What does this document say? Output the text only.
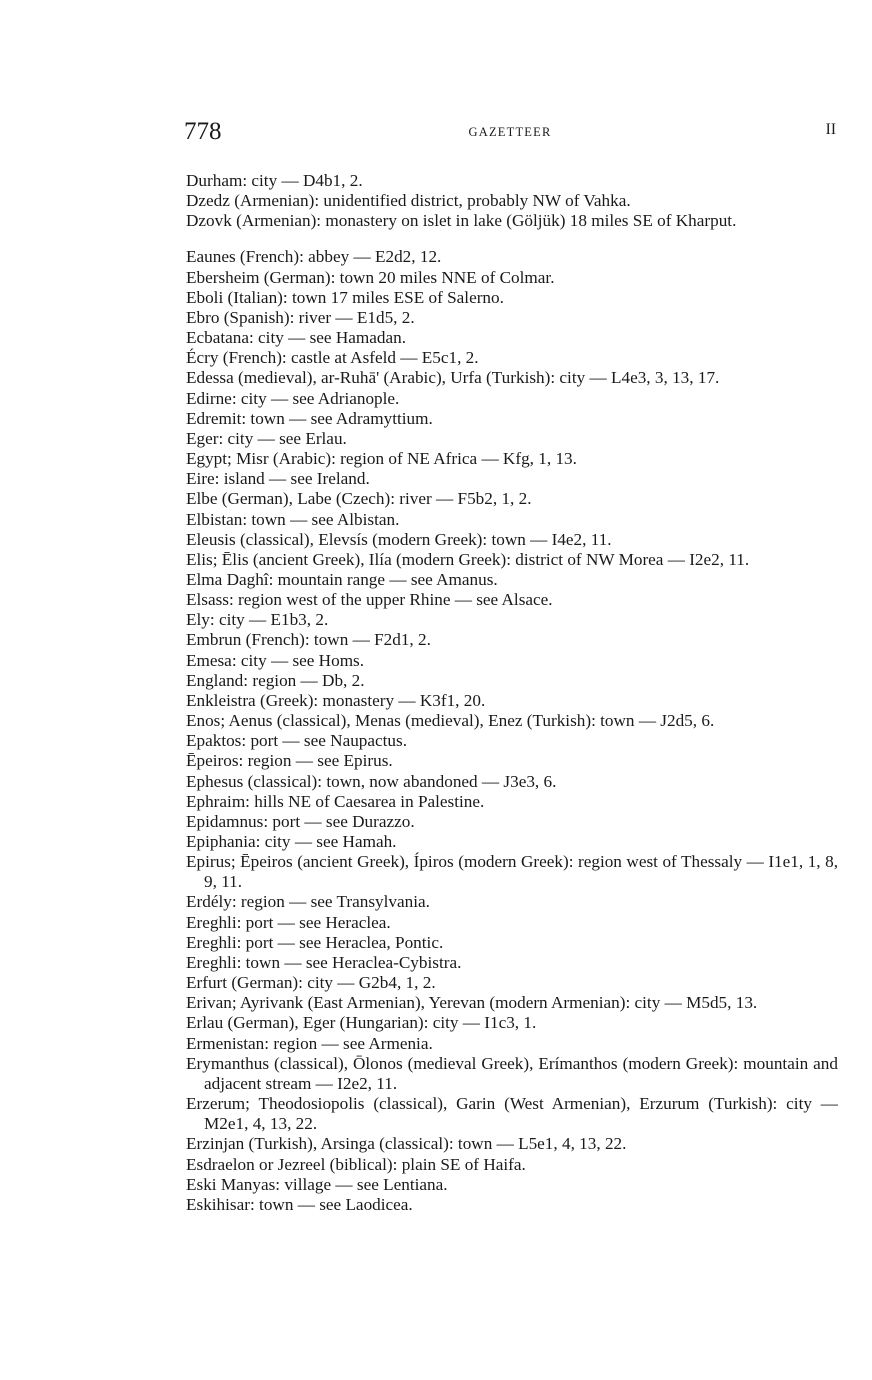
778	GAZETTEER	II
Durham: city — D4b1, 2.
Dzedz (Armenian): unidentified district, probably NW of Vahka.
Dzovk (Armenian): monastery on islet in lake (Göljük) 18 miles SE of Kharput.
Eaunes (French): abbey — E2d2, 12.
Ebersheim (German): town 20 miles NNE of Colmar.
Eboli (Italian): town 17 miles ESE of Salerno.
Ebro (Spanish): river — E1d5, 2.
Ecbatana: city — see Hamadan.
Écry (French): castle at Asfeld — E5c1, 2.
Edessa (medieval), ar-Ruhā' (Arabic), Urfa (Turkish): city — L4e3, 3, 13, 17.
Edirne: city — see Adrianople.
Edremit: town — see Adramyttium.
Eger: city — see Erlau.
Egypt; Misr (Arabic): region of NE Africa — Kfg, 1, 13.
Eire: island — see Ireland.
Elbe (German), Labe (Czech): river — F5b2, 1, 2.
Elbistan: town — see Albistan.
Eleusis (classical), Elevsís (modern Greek): town — I4e2, 11.
Elis; Ēlis (ancient Greek), Ilía (modern Greek): district of NW Morea — I2e2, 11.
Elma Daghî: mountain range — see Amanus.
Elsass: region west of the upper Rhine — see Alsace.
Ely: city — E1b3, 2.
Embrun (French): town — F2d1, 2.
Emesa: city — see Homs.
England: region — Db, 2.
Enkleistra (Greek): monastery — K3f1, 20.
Enos; Aenus (classical), Menas (medieval), Enez (Turkish): town — J2d5, 6.
Epaktos: port — see Naupactus.
Ēpeiros: region — see Epirus.
Ephesus (classical): town, now abandoned — J3e3, 6.
Ephraim: hills NE of Caesarea in Palestine.
Epidamnus: port — see Durazzo.
Epiphania: city — see Hamah.
Epirus; Ēpeiros (ancient Greek), Ípiros (modern Greek): region west of Thessaly — I1e1, 1, 8, 9, 11.
Erdély: region — see Transylvania.
Ereghli: port — see Heraclea.
Ereghli: port — see Heraclea, Pontic.
Ereghli: town — see Heraclea-Cybistra.
Erfurt (German): city — G2b4, 1, 2.
Erivan; Ayrivank (East Armenian), Yerevan (modern Armenian): city — M5d5, 13.
Erlau (German), Eger (Hungarian): city — I1c3, 1.
Ermenistan: region — see Armenia.
Erymanthus (classical), Ōlonos (medieval Greek), Erímanthos (modern Greek): mountain and adjacent stream — I2e2, 11.
Erzerum; Theodosiopolis (classical), Garin (West Armenian), Erzurum (Turkish): city — M2e1, 4, 13, 22.
Erzinjan (Turkish), Arsinga (classical): town — L5e1, 4, 13, 22.
Esdraelon or Jezreel (biblical): plain SE of Haifa.
Eski Manyas: village — see Lentiana.
Eskihisar: town — see Laodicea.
